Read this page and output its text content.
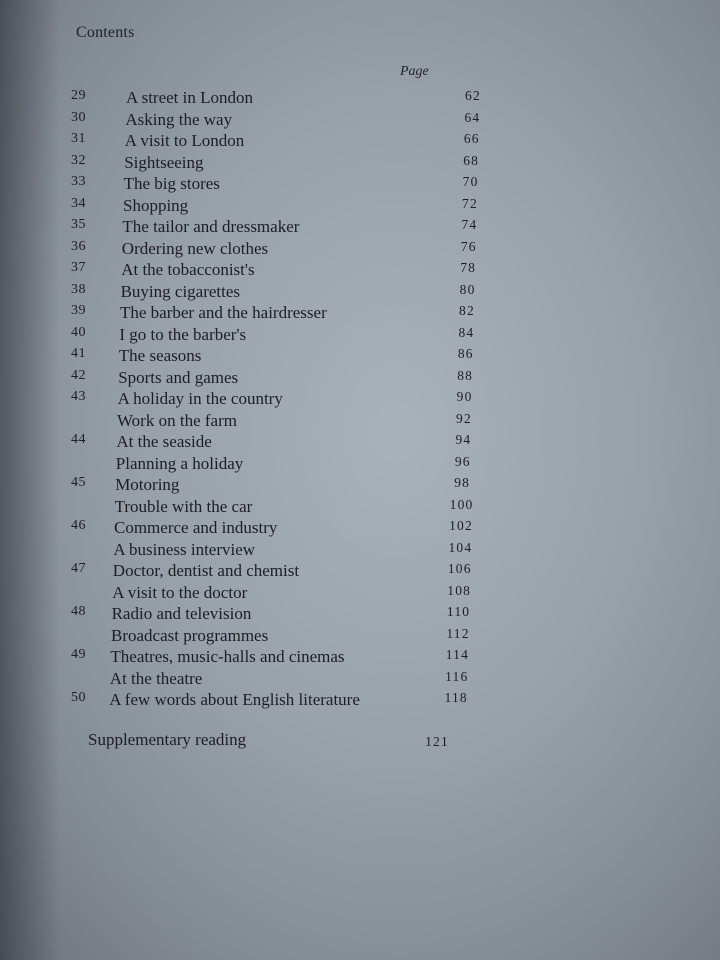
Contents
Page
29 A street in London	62
30 Asking the way	64
31 A visit to London	66
32 Sightseeing	68
33 The big stores	70
34 Shopping	72
35 The tailor and dressmaker	74
36 Ordering new clothes	76
37 At the tobacconist's	78
38 Buying cigarettes	80
39 The barber and the hairdresser	82
40 I go to the barber's	84
41 The seasons	86
42 Sports and games	88
43 A holiday in the country	90
Work on the farm	92
44 At the seaside	94
Planning a holiday	96
45 Motoring	98
Trouble with the car	100
46 Commerce and industry	102
A business interview	104
47 Doctor, dentist and chemist	106
A visit to the doctor	108
48 Radio and television	110
Broadcast programmes	112
49 Theatres, music-halls and cinemas	114
At the theatre	116
50 A few words about English literature	118
Supplementary reading	121
